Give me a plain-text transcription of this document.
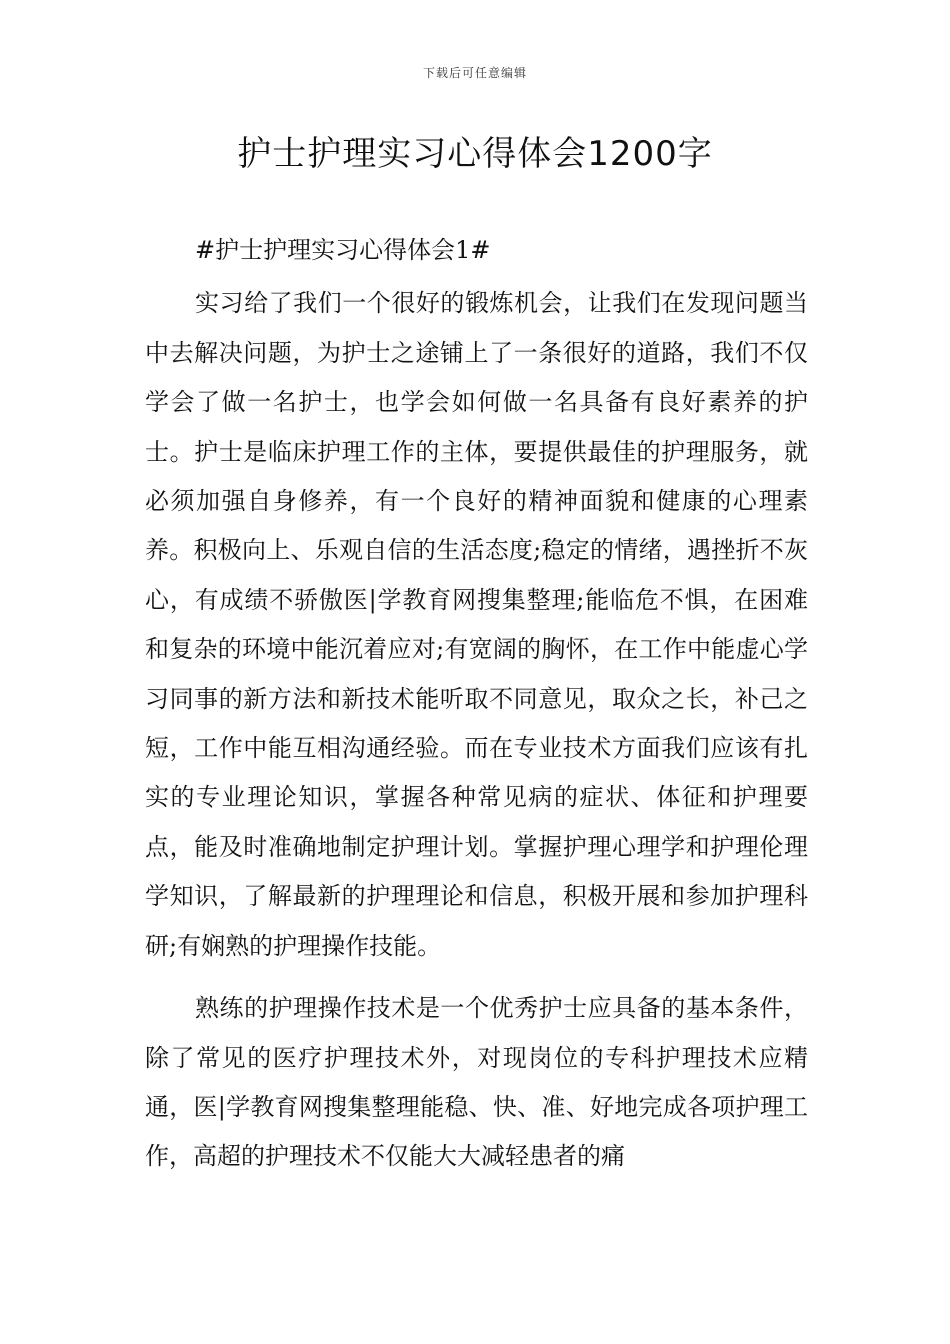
下载后可任意编辑
护士护理实习心得体会1200字

#护士护理实习心得体会1#

实习给了我们一个很好的锻炼机会，让我们在发现问题当中去解决问题，为护士之途铺上了一条很好的道路，我们不仅学会了做一名护士，也学会如何做一名具备有良好素养的护士。护士是临床护理工作的主体，要提供最佳的护理服务，就必须加强自身修养，有一个良好的精神面貌和健康的心理素养。积极向上、乐观自信的生活态度;稳定的情绪，遇挫折不灰心，有成绩不骄傲医|学教育网搜集整理;能临危不惧，在困难和复杂的环境中能沉着应对;有宽阔的胸怀，在工作中能虚心学习同事的新方法和新技术能听取不同意见，取众之长，补己之短，工作中能互相沟通经验。而在专业技术方面我们应该有扎实的专业理论知识，掌握各种常见病的症状、体征和护理要点，能及时准确地制定护理计划。掌握护理心理学和护理伦理学知识，了解最新的护理理论和信息，积极开展和参加护理科研;有娴熟的护理操作技能。

熟练的护理操作技术是一个优秀护士应具备的基本条件，除了常见的医疗护理技术外，对现岗位的专科护理技术应精通，医|学教育网搜集整理能稳、快、准、好地完成各项护理工作，高超的护理技术不仅能大大减轻患者的痛
